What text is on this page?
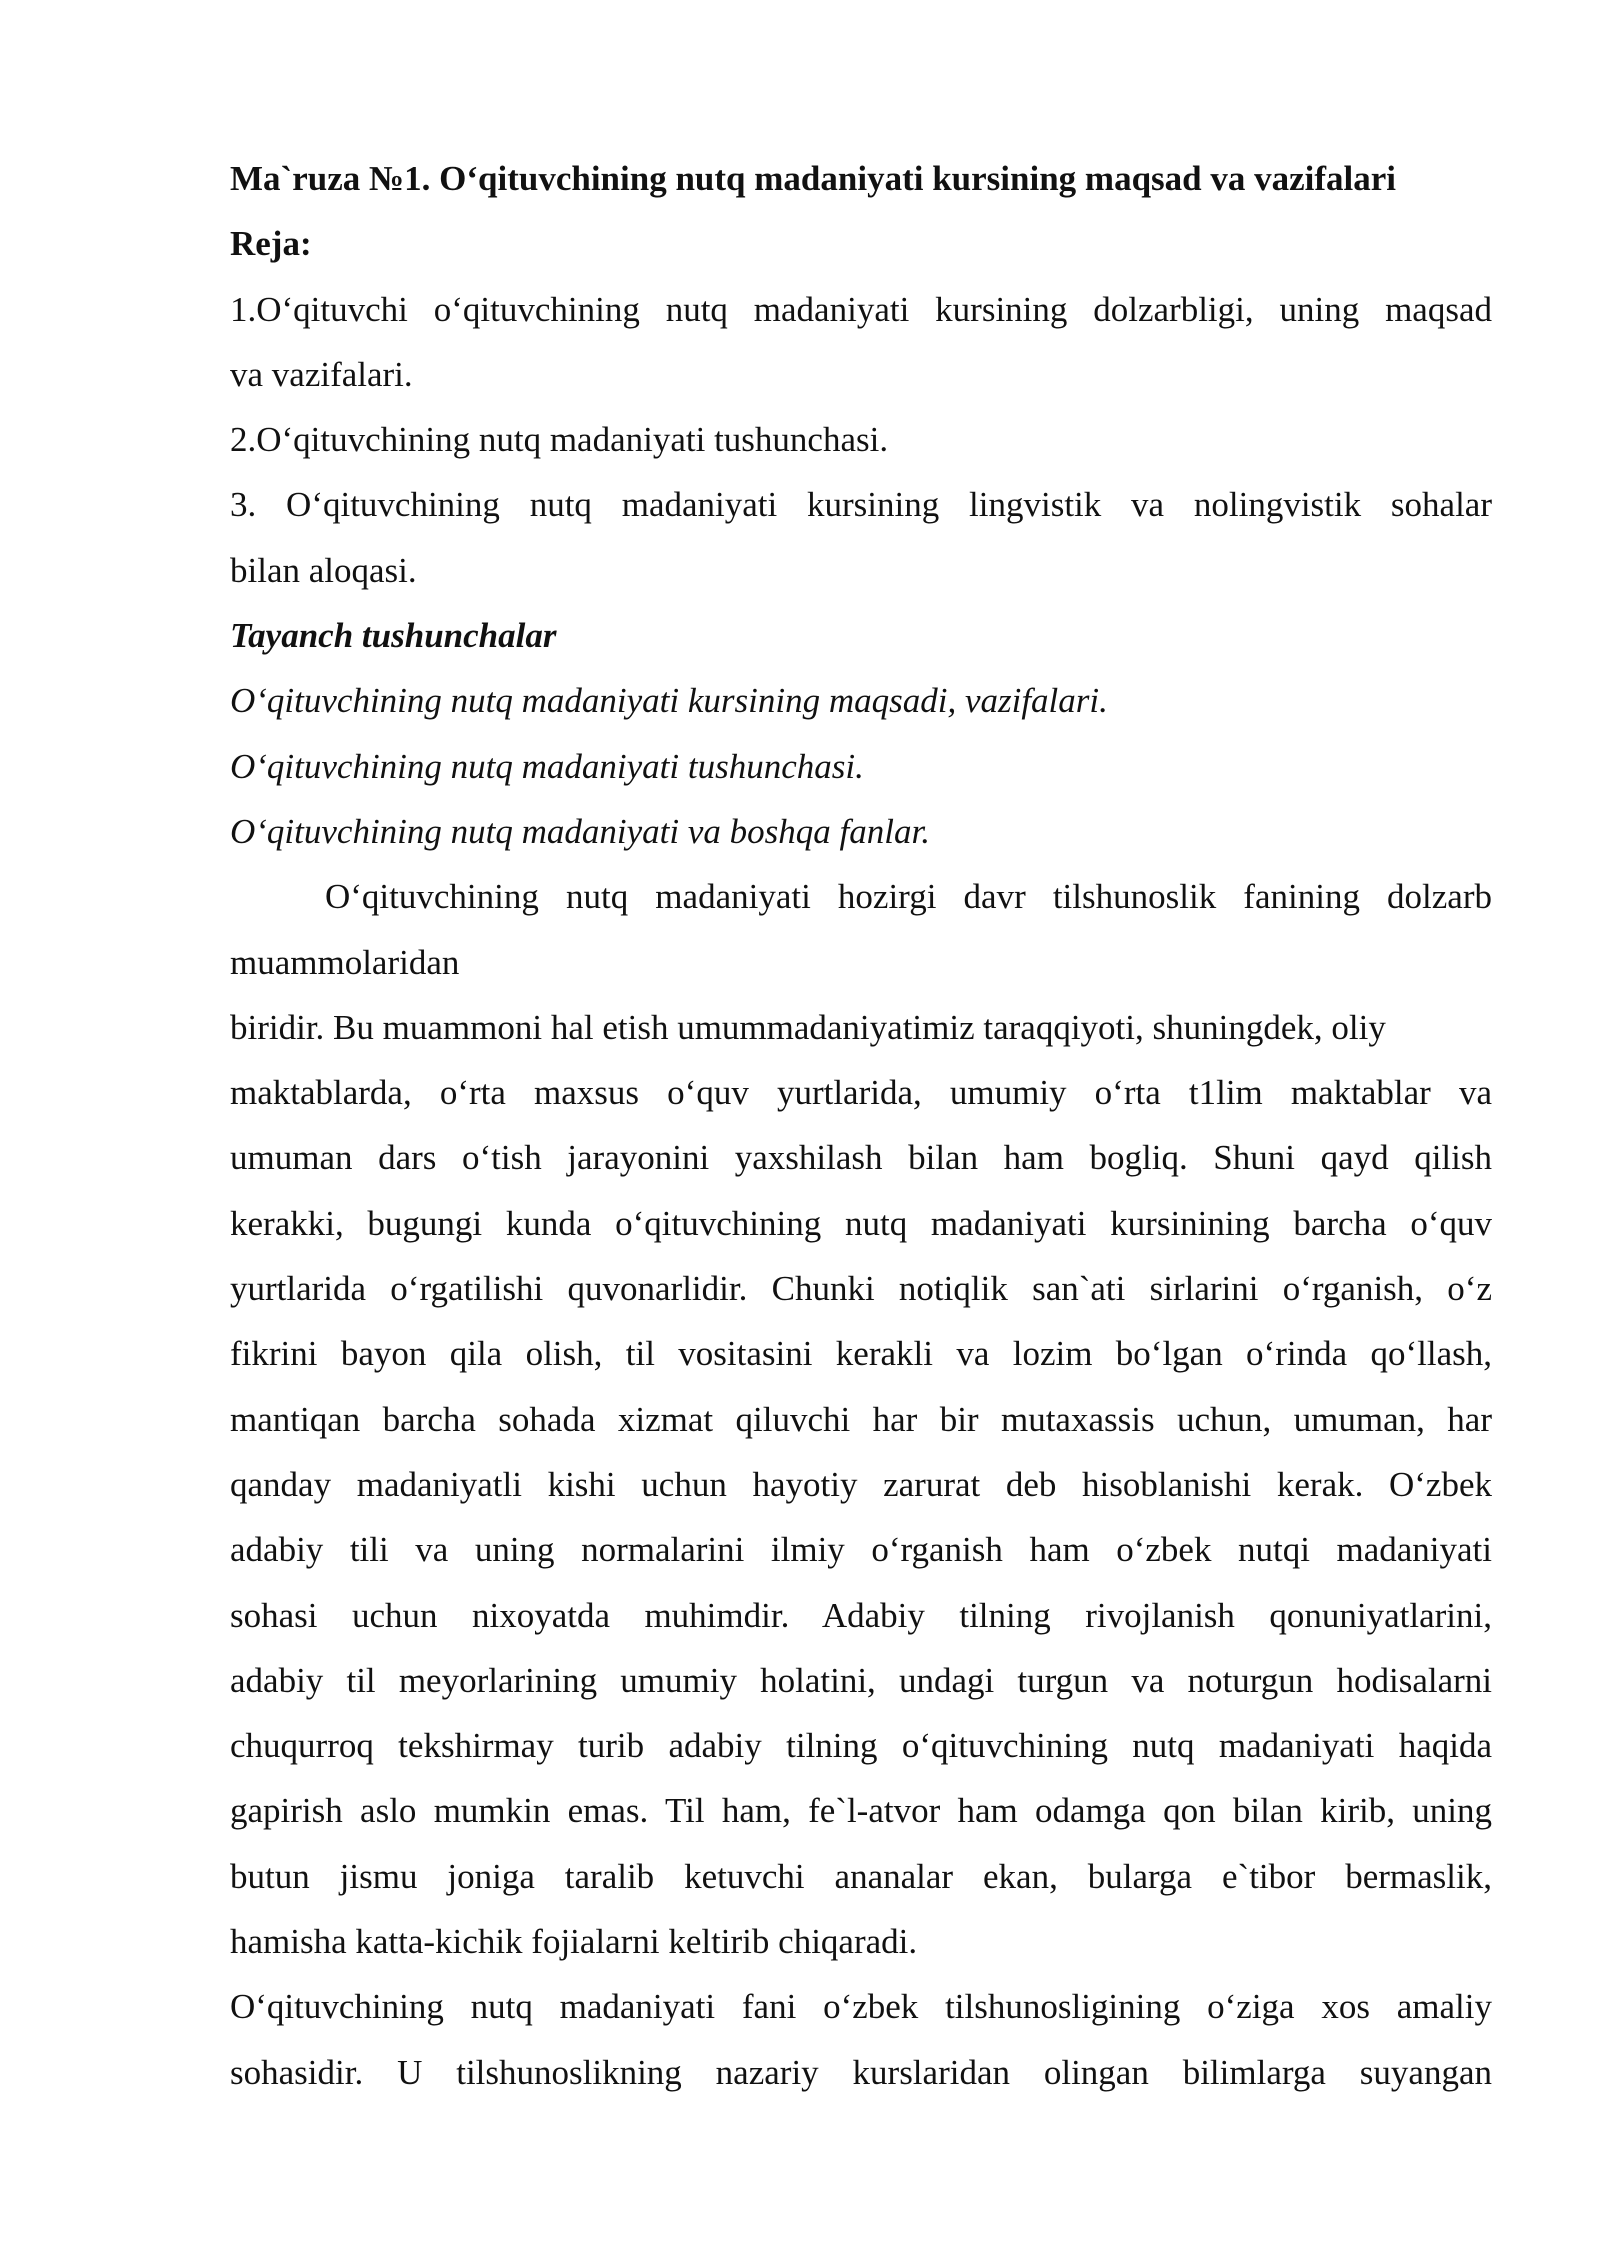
Ma`ruza №1. O‘qituvchining nutq madaniyati kursining maqsad va vazifalari
Reja:
1.O‘qituvchi o‘qituvchining nutq madaniyati kursining dolzarbligi, uning maqsad
va vazifalari.
2.O‘qituvchining nutq madaniyati tushunchasi.
3. O‘qituvchining nutq madaniyati kursining lingvistik va nolingvistik sohalar
bilan aloqasi.
Tayanch tushunchalar
O‘qituvchining nutq madaniyati kursining maqsadi, vazifalari.
O‘qituvchining nutq madaniyati tushunchasi.
O‘qituvchining nutq madaniyati va boshqa fanlar.
O‘qituvchining nutq madaniyati hozirgi davr tilshunoslik fanining dolzarb
muammolaridan
biridir. Bu muammoni hal etish umummadaniyatimiz taraqqiyoti, shuningdek, oliy
maktablarda, o‘rta maxsus o‘quv yurtlarida, umumiy o‘rta t1lim maktablar va
umuman dars o‘tish jarayonini yaxshilash bilan ham bogliq. Shuni qayd qilish
kerakki, bugungi kunda o‘qituvchining nutq madaniyati kursinining barcha o‘quv
yurtlarida o‘rgatilishi quvonarlidir. Chunki notiqlik san`ati sirlarini o‘rganish, o‘z
fikrini bayon qila olish, til vositasini kerakli va lozim bo‘lgan o‘rinda qo‘llash,
mantiqan barcha sohada xizmat qiluvchi har bir mutaxassis uchun, umuman, har
qanday madaniyatli kishi uchun hayotiy zarurat deb hisoblanishi kerak. O‘zbek
adabiy tili va uning normalarini ilmiy o‘rganish ham o‘zbek nutqi madaniyati
sohasi uchun nixoyatda muhimdir. Adabiy tilning rivojlanish qonuniyatlarini,
adabiy til meyorlarining umumiy holatini, undagi turgun va noturgun hodisalarni
chuqurroq tekshirmay turib adabiy tilning o‘qituvchining nutq madaniyati haqida
gapirish aslo mumkin emas. Til ham, fe`l-atvor ham odamga qon bilan kirib, uning
butun jismu joniga taralib ketuvchi ananalar ekan, bularga e`tibor bermaslik,
hamisha katta-kichik fojialarni keltirib chiqaradi.
O‘qituvchining nutq madaniyati fani o‘zbek tilshunosligining o‘ziga xos amaliy
sohasidir. U tilshunoslikning nazariy kurslaridan olingan bilimlarga suyangan
